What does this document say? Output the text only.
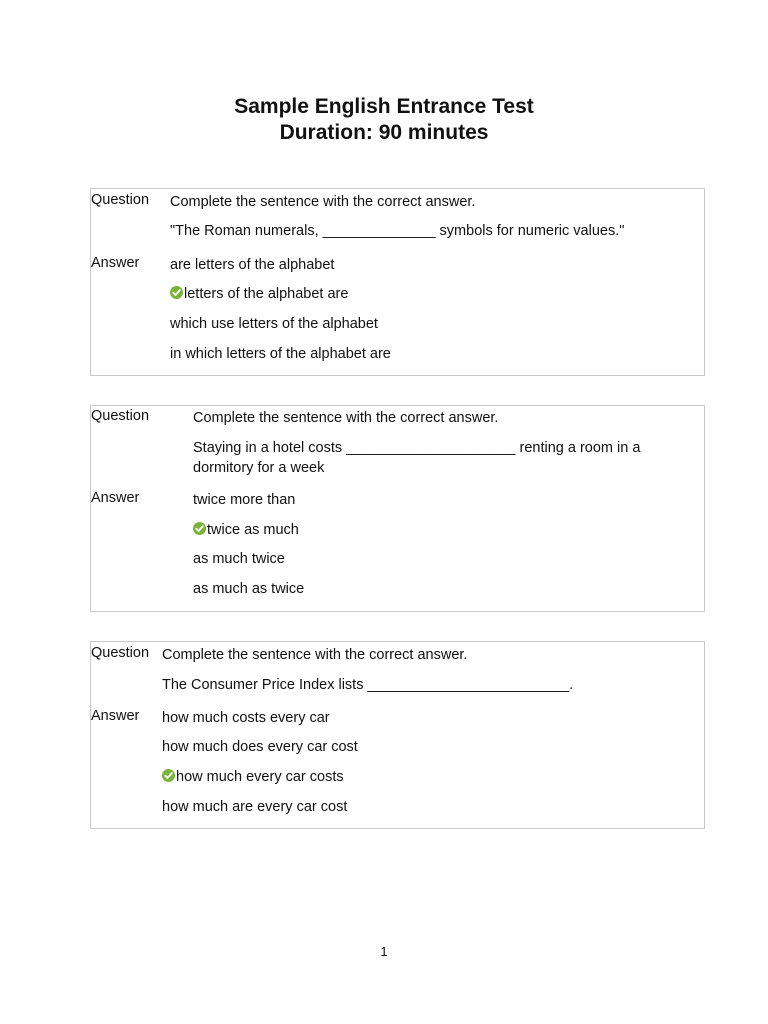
Sample English Entrance Test
Duration: 90 minutes
Question Complete the sentence with the correct answer.
"The Roman numerals, ______________ symbols for numeric values."
Answer are letters of the alphabet
letters of the alphabet are
which use letters of the alphabet
in which letters of the alphabet are
Question	Complete the sentence with the correct answer.
Staying in a hotel costs _____________________ renting a room in a dormitory for a week
Answer	twice more than
twice as much
as much twice
as much as twice
Question Complete the sentence with the correct answer.
The Consumer Price Index lists _________________________.
Answer how much costs every car
how much does every car cost
how much every car costs
how much are every car cost
1
